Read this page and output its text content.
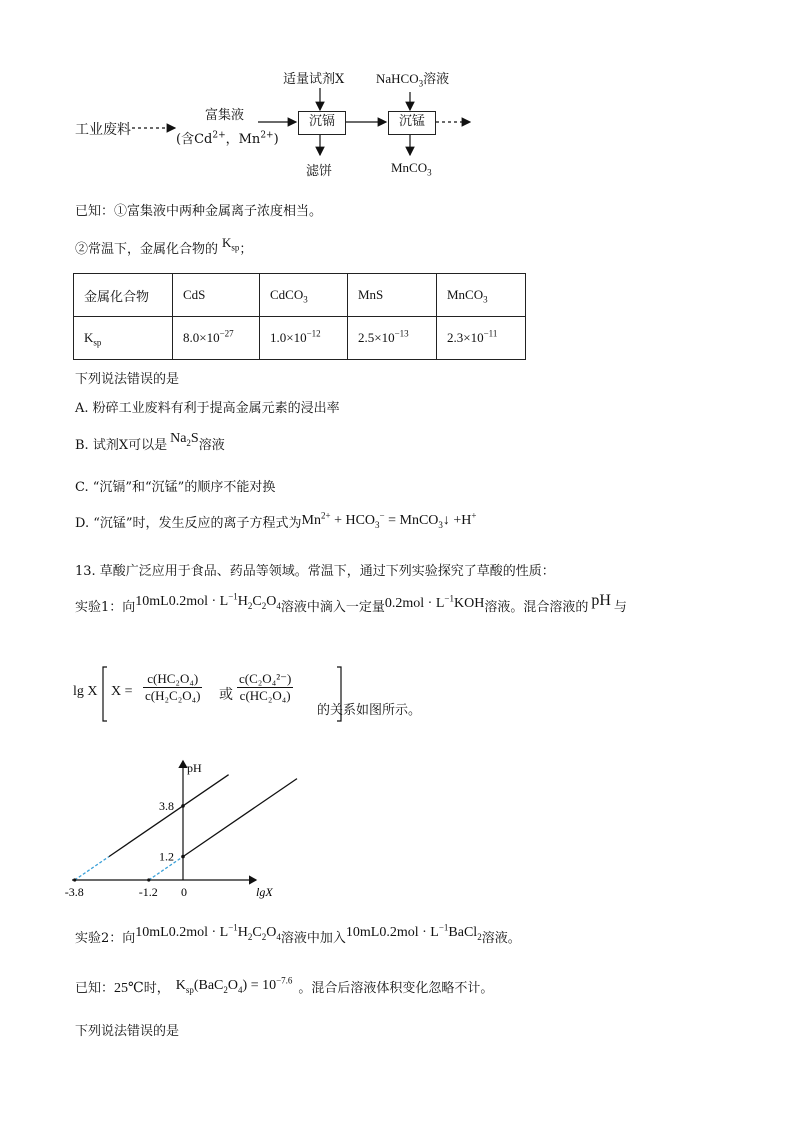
适量试剂X NaHCO$_3$溶液
工业废料
富集液
(含$Cd^{2+}$，$Mn^{2+}$)
沉镉	沉锰
滤饼	MnCO$_3$
已知：①富集液中两种金属离子浓度相当。
②常温下，金属化合物的 $K_{sp}$；
金属化合物	CdS	CdCO$_3$	MnS	MnCO$_3$
$K_{sp}$	$8.0\times 10^{-27}$	$1.0\times 10^{-12}$	$2.5\times 10^{-13}$	$2.3\times 10^{-11}$
下列说法错误的是
A. 粉碎工业废料有利于提高金属元素的浸出率
B. 试剂X可以是 $Na_2S$溶液
C. “沉镉”和“沉锰”的顺序不能对换
D. “沉锰”时，发生反应的离子方程式为$Mn^{2+} + HCO_3^-$ = MnCO$_3$↓ +H+
13. 草酸广泛应用于食品、药品等领域。常温下，通过下列实验探究了草酸的性质：
实验1：向$10mL0.2mol \cdot L^{-1}H_2C_2O_4$溶液中滴入一定量$0.2mol \cdot L^{-1}KOH$溶液。混合溶液的 pH 与
lg X $X = \frac{\text{c(HC₂O₄)}}{\text{c(H₂C₂O₄)}}$ 或 $\frac{\text{c(C₂O₄²⁻)}}{\text{c(HC₂O₄)}}$
的关系如图所示。
pH
lgX
3.8
1.2
-3.8	-1.2 0
实验2：向$10mL0.2mol \cdot L^{-1}H_2C_2O_4$溶液中加入$10mL0.2mol \cdot L^{-1}BaCl_2$溶液。
已知：25℃时， $K_{sp}(BaC_2O_4) = 10^{-7.6}$。混合后溶液体积变化忽略不计。
下列说法错误的是
